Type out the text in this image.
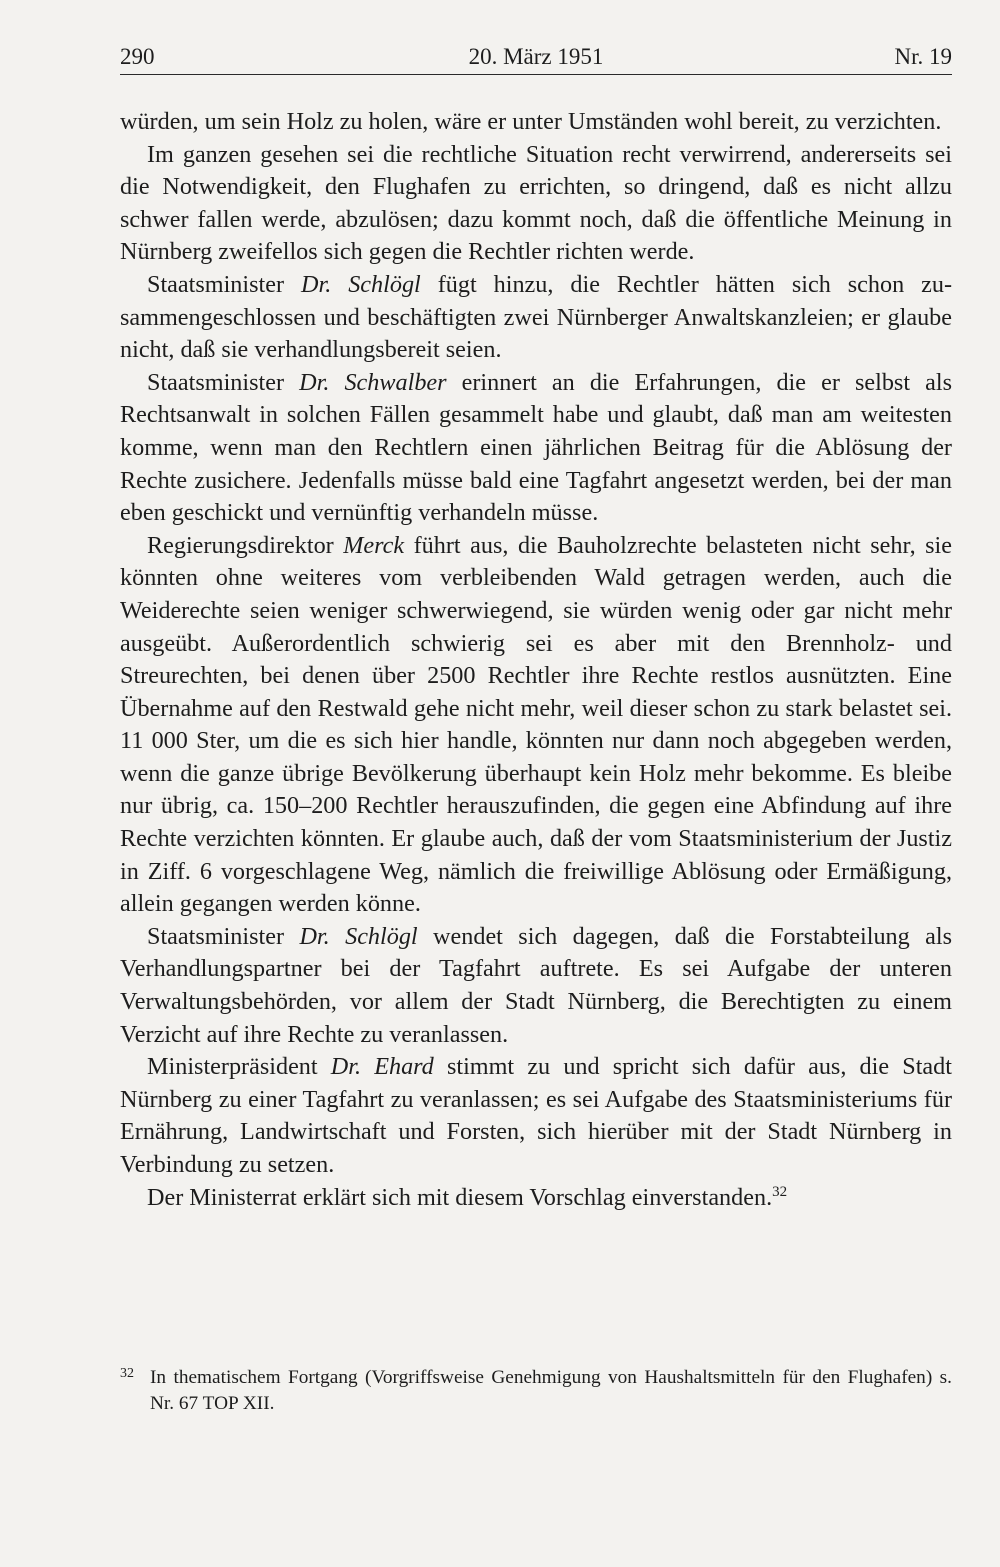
290	20. März 1951	Nr. 19

würden, um sein Holz zu holen, wäre er unter Umständen wohl bereit, zu verzichten.

Im ganzen gesehen sei die rechtliche Situation recht verwirrend, andererseits sei die Notwendigkeit, den Flughafen zu errichten, so dringend, daß es nicht allzu schwer fallen werde, abzulösen; dazu kommt noch, daß die öffentliche Meinung in Nürnberg zweifellos sich gegen die Rechtler richten werde.

Staatsminister Dr. Schlögl fügt hinzu, die Rechtler hätten sich schon zusammengeschlossen und beschäftigten zwei Nürnberger Anwaltskanzleien; er glaube nicht, daß sie verhandlungsbereit seien.

Staatsminister Dr. Schwalber erinnert an die Erfahrungen, die er selbst als Rechtsanwalt in solchen Fällen gesammelt habe und glaubt, daß man am weitesten komme, wenn man den Rechtlern einen jährlichen Beitrag für die Ablösung der Rechte zusichere. Jedenfalls müsse bald eine Tagfahrt angesetzt werden, bei der man eben geschickt und vernünftig verhandeln müsse.

Regierungsdirektor Merck führt aus, die Bauholzrechte belasteten nicht sehr, sie könnten ohne weiteres vom verbleibenden Wald getragen werden, auch die Weiderechte seien weniger schwerwiegend, sie würden wenig oder gar nicht mehr ausgeübt. Außerordentlich schwierig sei es aber mit den Brennholz- und Streurechten, bei denen über 2500 Rechtler ihre Rechte restlos ausnützten. Eine Übernahme auf den Restwald gehe nicht mehr, weil dieser schon zu stark belastet sei. 11 000 Ster, um die es sich hier handle, könnten nur dann noch abgegeben werden, wenn die ganze übrige Bevölkerung überhaupt kein Holz mehr bekomme. Es bleibe nur übrig, ca. 150–200 Rechtler herauszufinden, die gegen eine Abfindung auf ihre Rechte verzichten könnten. Er glaube auch, daß der vom Staatsministerium der Justiz in Ziff. 6 vorgeschlagene Weg, nämlich die freiwillige Ablösung oder Ermäßigung, allein gegangen werden könne.

Staatsminister Dr. Schlögl wendet sich dagegen, daß die Forstabteilung als Verhandlungspartner bei der Tagfahrt auftrete. Es sei Aufgabe der unteren Verwaltungsbehörden, vor allem der Stadt Nürnberg, die Berechtigten zu einem Verzicht auf ihre Rechte zu veranlassen.

Ministerpräsident Dr. Ehard stimmt zu und spricht sich dafür aus, die Stadt Nürnberg zu einer Tagfahrt zu veranlassen; es sei Aufgabe des Staatsministeriums für Ernährung, Landwirtschaft und Forsten, sich hierüber mit der Stadt Nürnberg in Verbindung zu setzen.

Der Ministerrat erklärt sich mit diesem Vorschlag einverstanden.$^{32}$

32 In thematischem Fortgang (Vorgriffsweise Genehmigung von Haushaltsmitteln für den Flughafen) s. Nr. 67 TOP XII.
